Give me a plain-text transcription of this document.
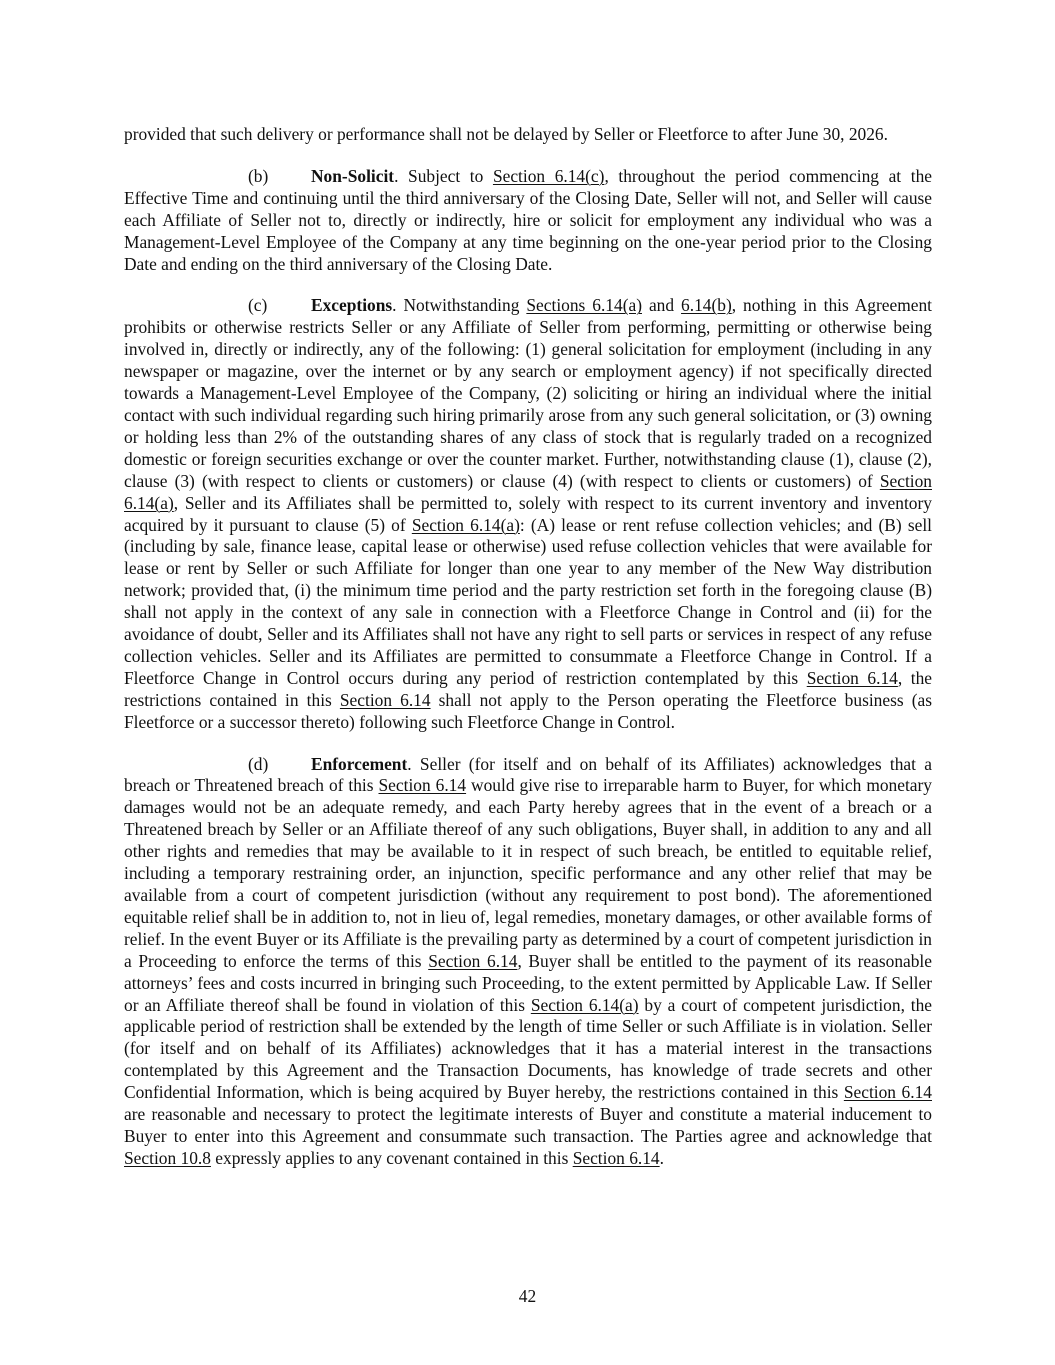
provided that such delivery or performance shall not be delayed by Seller or Fleetforce to after June 30, 2026.

(b) Non-Solicit. Subject to Section 6.14(c), throughout the period commencing at the Effective Time and continuing until the third anniversary of the Closing Date, Seller will not, and Seller will cause each Affiliate of Seller not to, directly or indirectly, hire or solicit for employment any individual who was a Management-Level Employee of the Company at any time beginning on the one-year period prior to the Closing Date and ending on the third anniversary of the Closing Date.

(c)	Exceptions. Notwithstanding Sections 6.14(a) and 6.14(b), nothing in this Agreement prohibits or otherwise restricts Seller or any Affiliate of Seller from performing, permitting or otherwise being involved in, directly or indirectly, any of the following: (1) general solicitation for employment (including in any newspaper or magazine, over the internet or by any search or employment agency) if not specifically directed towards a Management-Level Employee of the Company, (2) soliciting or hiring an individual where the initial contact with such individual regarding such hiring primarily arose from any such general solicitation, or (3) owning or holding less than 2% of the outstanding shares of any class of stock that is regularly traded on a recognized domestic or foreign securities exchange or over the counter market. Further, notwithstanding clause (1), clause (2), clause (3) (with respect to clients or customers) or clause (4) (with respect to clients or customers) of Section 6.14(a), Seller and its Affiliates shall be permitted to, solely with respect to its current inventory and inventory acquired by it pursuant to clause (5) of Section 6.14(a): (A) lease or rent refuse collection vehicles; and (B) sell (including by sale, finance lease, capital lease or otherwise) used refuse collection vehicles that were available for lease or rent by Seller or such Affiliate for longer than one year to any member of the New Way distribution network; provided that, (i) the minimum time period and the party restriction set forth in the foregoing clause (B) shall not apply in the context of any sale in connection with a Fleetforce Change in Control and (ii) for the avoidance of doubt, Seller and its Affiliates shall not have any right to sell parts or services in respect of any refuse collection vehicles. Seller and its Affiliates are permitted to consummate a Fleetforce Change in Control. If a Fleetforce Change in Control occurs during any period of restriction contemplated by this Section 6.14, the restrictions contained in this Section 6.14 shall not apply to the Person operating the Fleetforce business (as Fleetforce or a successor thereto) following such Fleetforce Change in Control.

(d) Enforcement. Seller (for itself and on behalf of its Affiliates) acknowledges that a breach or Threatened breach of this Section 6.14 would give rise to irreparable harm to Buyer, for which monetary damages would not be an adequate remedy, and each Party hereby agrees that in the event of a breach or a Threatened breach by Seller or an Affiliate thereof of any such obligations, Buyer shall, in addition to any and all other rights and remedies that may be available to it in respect of such breach, be entitled to equitable relief, including a temporary restraining order, an injunction, specific performance and any other relief that may be available from a court of competent jurisdiction (without any requirement to post bond). The aforementioned equitable relief shall be in addition to, not in lieu of, legal remedies, monetary damages, or other available forms of relief. In the event Buyer or its Affiliate is the prevailing party as determined by a court of competent jurisdiction in a Proceeding to enforce the terms of this Section 6.14, Buyer shall be entitled to the payment of its reasonable attorneys’ fees and costs incurred in bringing such Proceeding, to the extent permitted by Applicable Law. If Seller or an Affiliate thereof shall be found in violation of this Section 6.14(a) by a court of competent jurisdiction, the applicable period of restriction shall be extended by the length of time Seller or such Affiliate is in violation. Seller (for itself and on behalf of its Affiliates) acknowledges that it has a material interest in the transactions contemplated by this Agreement and the Transaction Documents, has knowledge of trade secrets and other Confidential Information, which is being acquired by Buyer hereby, the restrictions contained in this Section 6.14 are reasonable and necessary to protect the legitimate interests of Buyer and constitute a material inducement to Buyer to enter into this Agreement and consummate such transaction. The Parties agree and acknowledge that Section 10.8 expressly applies to any covenant contained in this Section 6.14.

42
